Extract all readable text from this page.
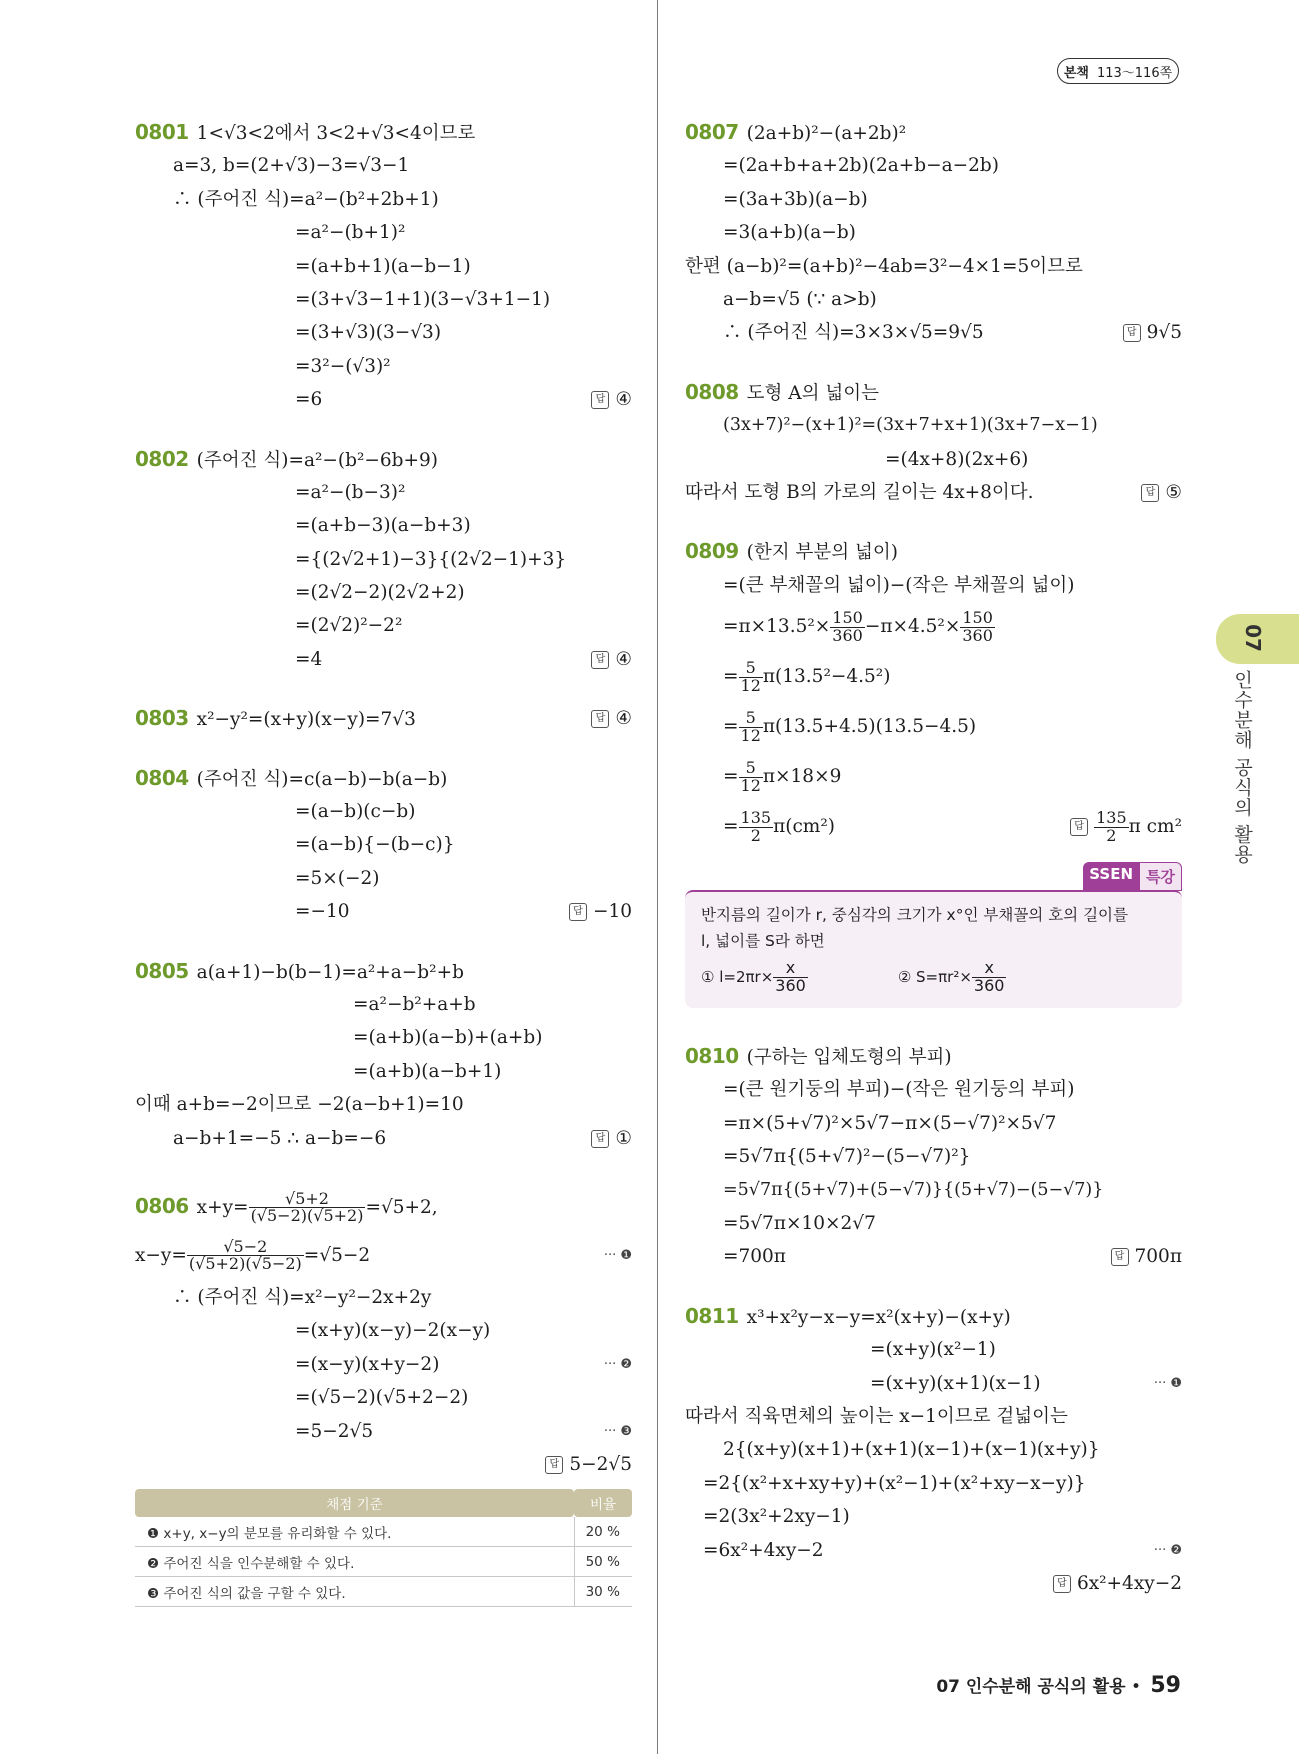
본책 113〜116쪽
0801 1<√3<2에서 3<2+√3<4이므로
a=3, b=(2+√3)−3=√3−1
∴ (주어진 식)=a²−(b²+2b+1)
=a²−(b+1)²
=(a+b+1)(a−b−1)
=(3+√3−1+1)(3−√3+1−1)
=(3+√3)(3−√3)
=3²−(√3)²
=6	답 ④
0802 (주어진 식)=a²−(b²−6b+9)
=a²−(b−3)²
=(a+b−3)(a−b+3)
={(2√2+1)−3}{(2√2−1)+3}
=(2√2−2)(2√2+2)
=(2√2)²−2²
=4	답 ④
0803 x²−y²=(x+y)(x−y)=7√3	답 ④
0804 (주어진 식)=c(a−b)−b(a−b)
=(a−b)(c−b)
=(a−b){−(b−c)}
=5×(−2)
=−10	답 −10
0805 a(a+1)−b(b−1)=a²+a−b²+b
=a²−b²+a+b
=(a+b)(a−b)+(a+b)
=(a+b)(a−b+1)
이때 a+b=−2이므로 −2(a−b+1)=10
a−b+1=−5 ∴ a−b=−6	답 ①
0806 $x+y= \frac{√5+2}{(√5-2)(√5+2)} =√5+2$,
$x-y= \frac{√5-2}{(√5+2)(√5-2)} =√5-2$	··· ❶
∴ (주어진 식)=x²−y²−2x+2y
=(x+y)(x−y)−2(x−y)
=(x−y)(x+y−2)	··· ❷
=(√5−2)(√5+2−2)
=5−2√5	··· ❸
답 5−2√5
채점 기준	비율
❶ x+y, x−y의 분모를 유리화할 수 있다.	20 %
❷ 주어진 식을 인수분해할 수 있다.	50 %
❸ 주어진 식의 값을 구할 수 있다.	30 %
0807 (2a+b)²−(a+2b)²
=(2a+b+a+2b)(2a+b−a−2b)
=(3a+3b)(a−b)
=3(a+b)(a−b)
한편 (a−b)²=(a+b)²−4ab=3²−4×1=5이므로
a−b=√5 (∵ a>b)
∴ (주어진 식)=3×3×√5=9√5	답 9√5
0808 도형 A의 넓이는
(3x+7)²−(x+1)²=(3x+7+x+1)(3x+7−x−1)
=(4x+8)(2x+6)
따라서 도형 B의 가로의 길이는 4x+8이다.	답 ⑤
0809 (한지 부분의 넓이)
=(큰 부채꼴의 넓이)−(작은 부채꼴의 넓이)
$=\pi\times 13.5^2\times \frac{150}{360} -\pi\times 4.5^2\times \frac{150}{360}$
= $\frac{5}{12} \pi(13.5^2-4.5^2)$
= $\frac{5}{12} \pi(13.5+4.5)(13.5-4.5)$
= $\frac{5}{12} \pi\times 18\times 9$
= $\frac{135}{2} \pi(cm^2)$	답 $\frac{135}{2}$ π cm²
SSEN 특강
반지름의 길이가 r, 중심각의 크기가 x°인 부채꼴의 호의 길이를
l, 넓이를 S라 하면
① $l=2\pi r\times \frac{x}{360}$	② $S=\pi r^2\times \frac{x}{360}$
0810 (구하는 입체도형의 부피)
=(큰 원기둥의 부피)−(작은 원기둥의 부피)
=π×(5+√7)²×5√7−π×(5−√7)²×5√7
=5√7π{(5+√7)²−(5−√7)²}
=5√7π{(5+√7)+(5−√7)}{(5+√7)−(5−√7)}
=5√7π×10×2√7
=700π	답 700π
0811 x³+x²y−x−y=x²(x+y)−(x+y)
=(x+y)(x²−1)
=(x+y)(x+1)(x−1)	··· ❶
따라서 직육면체의 높이는 x−1이므로 겉넓이는
2{(x+y)(x+1)+(x+1)(x−1)+(x−1)(x+y)}
=2{(x²+x+xy+y)+(x²−1)+(x²+xy−x−y)}
=2(3x²+2xy−1)
=6x²+4xy−2	··· ❷
답 6x²+4xy−2
07
인수분해 공식의 활용
07 인수분해 공식의 활용 • 59
